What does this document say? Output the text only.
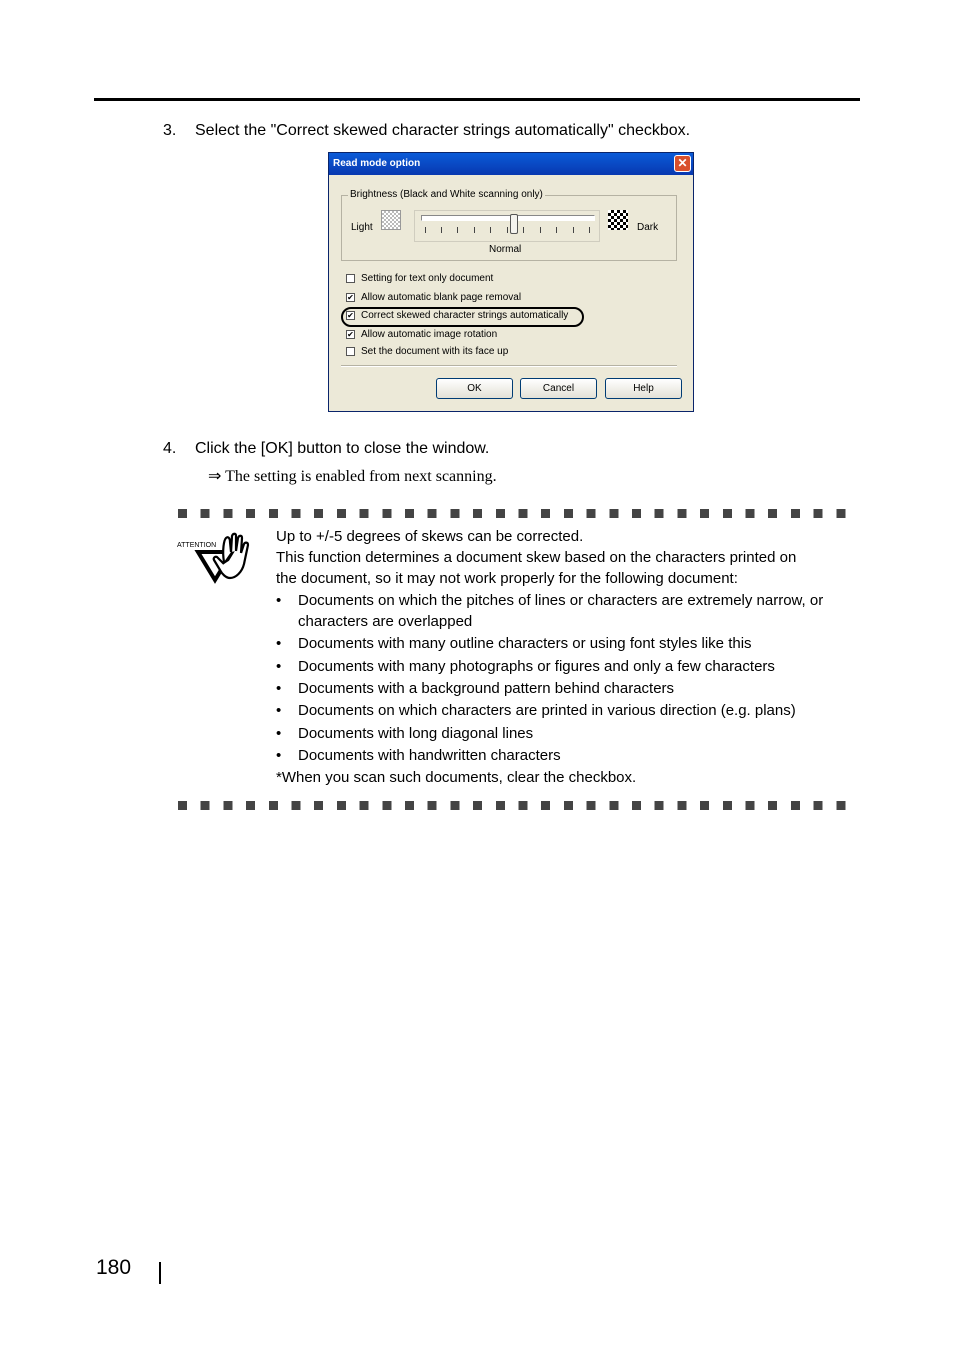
3. Select the "Correct skewed character strings automatically" checkbox.
Read mode option	✕
Brightness (Black and White scanning only)
Light	Dark
Normal
Setting for text only document
✔ Allow automatic blank page removal
✔ Correct skewed character strings automatically
✔ Allow automatic image rotation
Set the document with its face up
OK	Cancel	Help
4. Click the [OK] button to close the window.
⇒ The setting is enabled from next scanning.
ATTENTION
Up to +/-5 degrees of skews can be corrected.
This function determines a document skew based on the characters printed on
the document, so it may not work properly for the following document:
• Documents on which the pitches of lines or characters are extremely narrow, or characters are overlapped
• Documents with many outline characters or using font styles like this
• Documents with many photographs or figures and only a few characters
• Documents with a background pattern behind characters
• Documents on which characters are printed in various direction (e.g. plans)
• Documents with long diagonal lines
• Documents with handwritten characters
*When you scan such documents, clear the checkbox.
180
